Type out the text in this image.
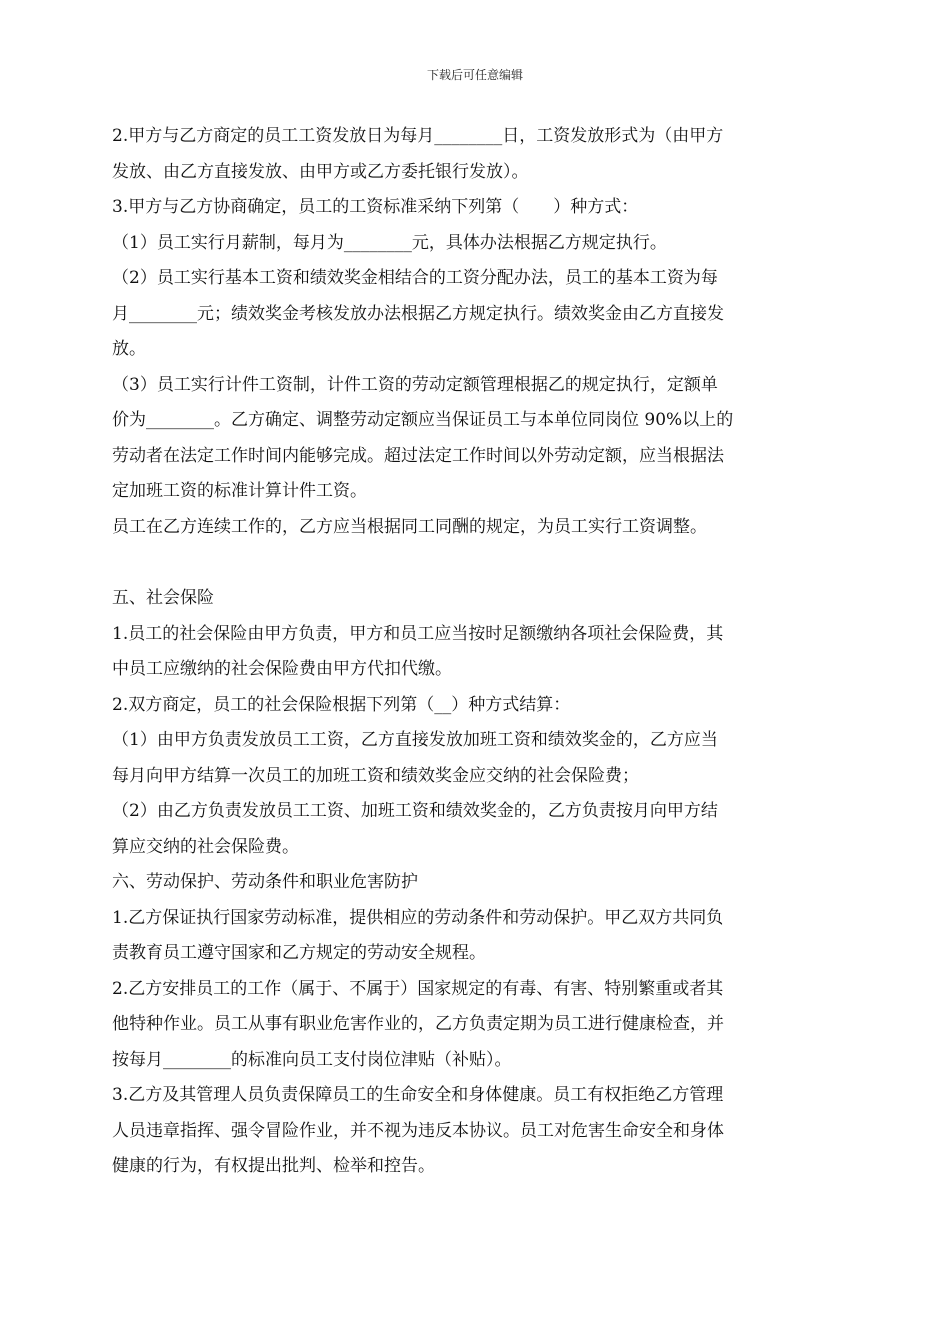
下载后可任意编辑

2.甲方与乙方商定的员工工资发放日为每月________日，工资发放形式为（由甲方

发放、由乙方直接发放、由甲方或乙方委托银行发放）。

3.甲方与乙方协商确定，员工的工资标准采纳下列第（　　）种方式：

（1）员工实行月薪制，每月为________元，具体办法根据乙方规定执行。

（2）员工实行基本工资和绩效奖金相结合的工资分配办法，员工的基本工资为每

月________元；绩效奖金考核发放办法根据乙方规定执行。绩效奖金由乙方直接发

放。

（3）员工实行计件工资制，计件工资的劳动定额管理根据乙的规定执行，定额单

价为________。乙方确定、调整劳动定额应当保证员工与本单位同岗位 90%以上的

劳动者在法定工作时间内能够完成。超过法定工作时间以外劳动定额，应当根据法

定加班工资的标准计算计件工资。

员工在乙方连续工作的，乙方应当根据同工同酬的规定，为员工实行工资调整。

五、社会保险

1.员工的社会保险由甲方负责，甲方和员工应当按时足额缴纳各项社会保险费，其

中员工应缴纳的社会保险费由甲方代扣代缴。

2.双方商定，员工的社会保险根据下列第（__）种方式结算：

（1）由甲方负责发放员工工资，乙方直接发放加班工资和绩效奖金的，乙方应当

每月向甲方结算一次员工的加班工资和绩效奖金应交纳的社会保险费；

（2）由乙方负责发放员工工资、加班工资和绩效奖金的，乙方负责按月向甲方结

算应交纳的社会保险费。

六、劳动保护、劳动条件和职业危害防护

1.乙方保证执行国家劳动标准，提供相应的劳动条件和劳动保护。甲乙双方共同负

责教育员工遵守国家和乙方规定的劳动安全规程。

2.乙方安排员工的工作（属于、不属于）国家规定的有毒、有害、特别繁重或者其

他特种作业。员工从事有职业危害作业的，乙方负责定期为员工进行健康检查，并

按每月________的标准向员工支付岗位津贴（补贴）。

3.乙方及其管理人员负责保障员工的生命安全和身体健康。员工有权拒绝乙方管理

人员违章指挥、强令冒险作业，并不视为违反本协议。员工对危害生命安全和身体

健康的行为，有权提出批判、检举和控告。
